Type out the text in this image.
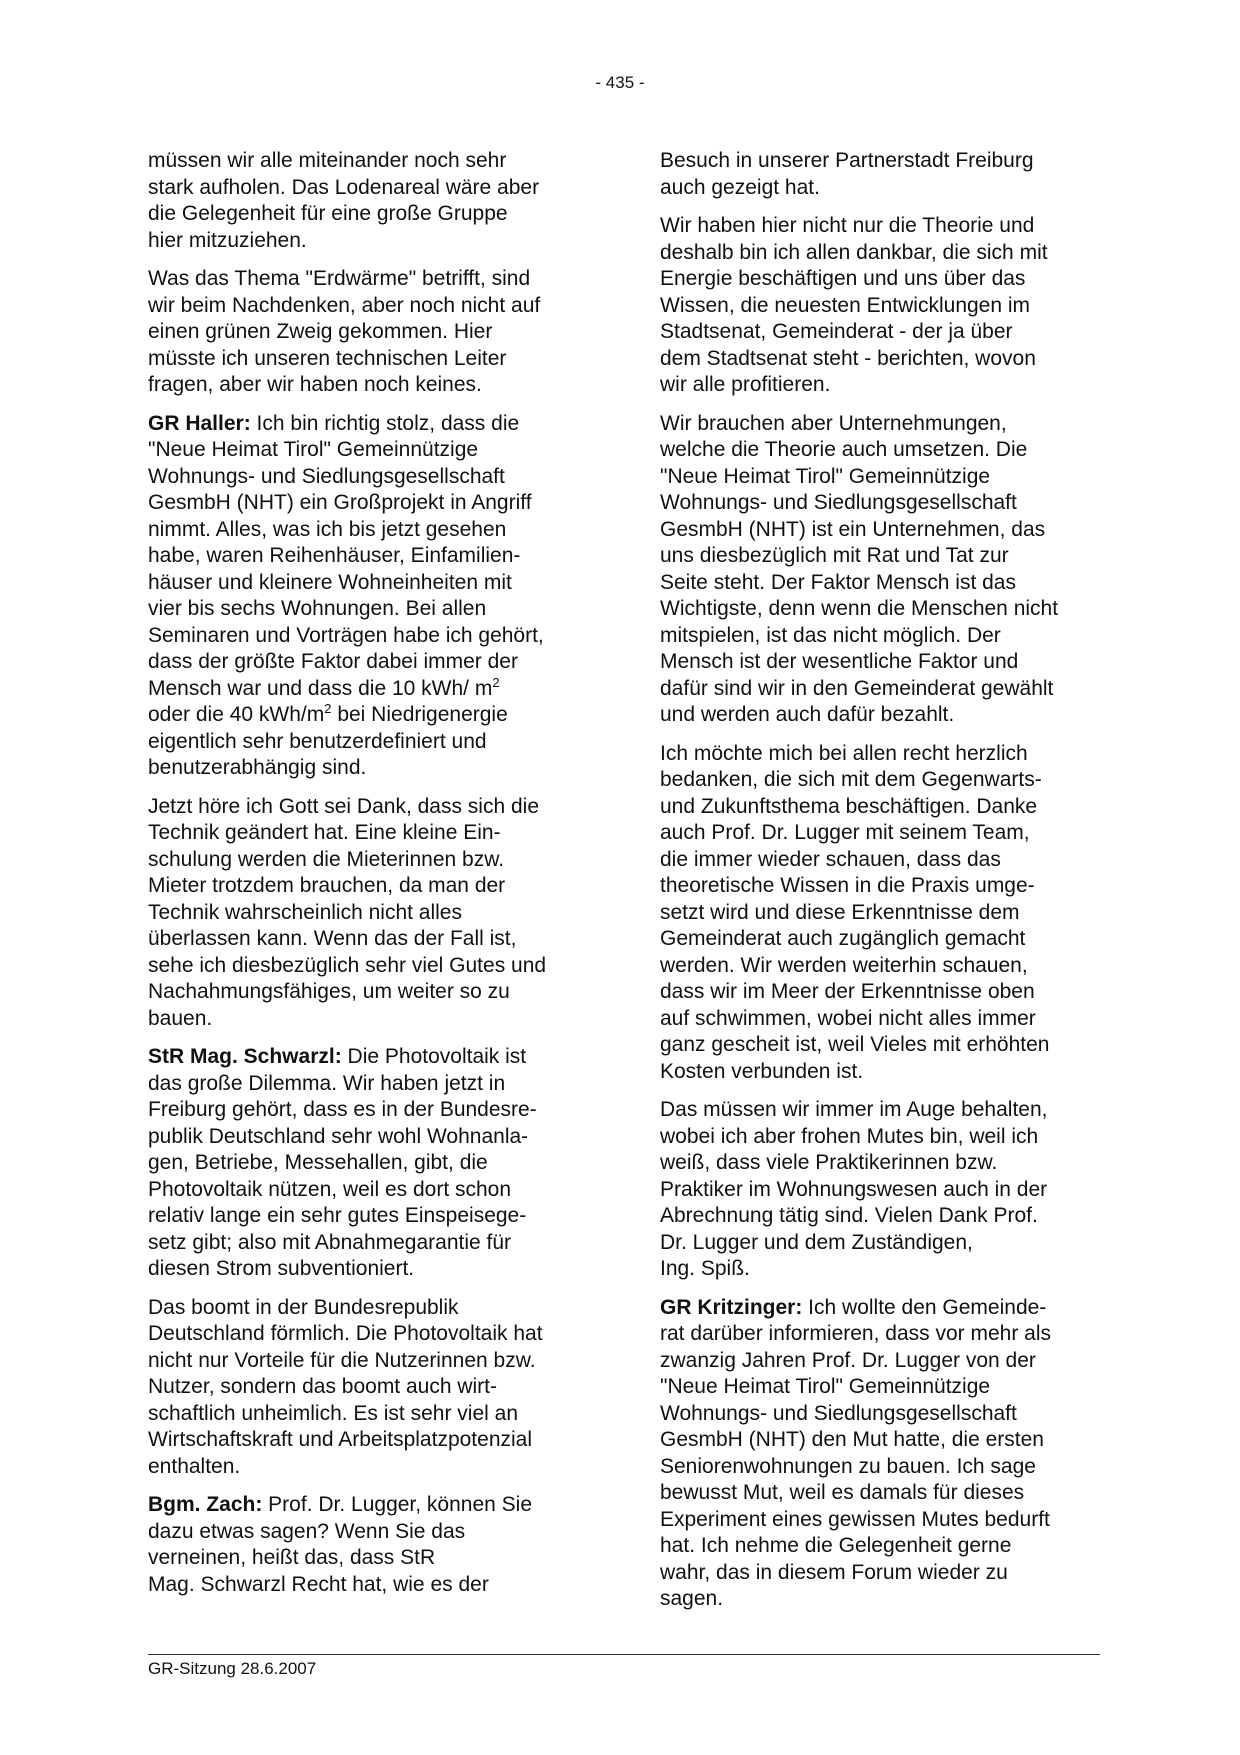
- 435 -

müssen wir alle miteinander noch sehr
stark aufholen. Das Lodenareal wäre aber
die Gelegenheit für eine große Gruppe
hier mitzuziehen.

Was das Thema "Erdwärme" betrifft, sind
wir beim Nachdenken, aber noch nicht auf
einen grünen Zweig gekommen. Hier
müsste ich unseren technischen Leiter
fragen, aber wir haben noch keines.

GR Haller: Ich bin richtig stolz, dass die
"Neue Heimat Tirol" Gemeinnützige
Wohnungs- und Siedlungsgesellschaft
GesmbH (NHT) ein Großprojekt in Angriff
nimmt. Alles, was ich bis jetzt gesehen
habe, waren Reihenhäuser, Einfamilien-
häuser und kleinere Wohneinheiten mit
vier bis sechs Wohnungen. Bei allen
Seminaren und Vorträgen habe ich gehört,
dass der größte Faktor dabei immer der
Mensch war und dass die 10 kWh/ $m^2$
oder die 40 kWh/$m^2$ bei Niedrigenergie
eigentlich sehr benutzerdefiniert und
benutzerabhängig sind.

Jetzt höre ich Gott sei Dank, dass sich die
Technik geändert hat. Eine kleine Ein-
schulung werden die Mieterinnen bzw.
Mieter trotzdem brauchen, da man der
Technik wahrscheinlich nicht alles
überlassen kann. Wenn das der Fall ist,
sehe ich diesbezüglich sehr viel Gutes und
Nachahmungsfähiges, um weiter so zu
bauen.

StR Mag. Schwarzl: Die Photovoltaik ist
das große Dilemma. Wir haben jetzt in
Freiburg gehört, dass es in der Bundesre-
publik Deutschland sehr wohl Wohnanla-
gen, Betriebe, Messehallen, gibt, die
Photovoltaik nützen, weil es dort schon
relativ lange ein sehr gutes Einspeisege-
setz gibt; also mit Abnahmegarantie für
diesen Strom subventioniert.

Das boomt in der Bundesrepublik
Deutschland förmlich. Die Photovoltaik hat
nicht nur Vorteile für die Nutzerinnen bzw.
Nutzer, sondern das boomt auch wirt-
schaftlich unheimlich. Es ist sehr viel an
Wirtschaftskraft und Arbeitsplatzpotenzial
enthalten.

Bgm. Zach: Prof. Dr. Lugger, können Sie
dazu etwas sagen? Wenn Sie das
verneinen, heißt das, dass StR
Mag. Schwarzl Recht hat, wie es der

Besuch in unserer Partnerstadt Freiburg
auch gezeigt hat.

Wir haben hier nicht nur die Theorie und
deshalb bin ich allen dankbar, die sich mit
Energie beschäftigen und uns über das
Wissen, die neuesten Entwicklungen im
Stadtsenat, Gemeinderat - der ja über
dem Stadtsenat steht - berichten, wovon
wir alle profitieren.

Wir brauchen aber Unternehmungen,
welche die Theorie auch umsetzen. Die
"Neue Heimat Tirol" Gemeinnützige
Wohnungs- und Siedlungsgesellschaft
GesmbH (NHT) ist ein Unternehmen, das
uns diesbezüglich mit Rat und Tat zur
Seite steht. Der Faktor Mensch ist das
Wichtigste, denn wenn die Menschen nicht
mitspielen, ist das nicht möglich. Der
Mensch ist der wesentliche Faktor und
dafür sind wir in den Gemeinderat gewählt
und werden auch dafür bezahlt.

Ich möchte mich bei allen recht herzlich
bedanken, die sich mit dem Gegenwarts-
und Zukunftsthema beschäftigen. Danke
auch Prof. Dr. Lugger mit seinem Team,
die immer wieder schauen, dass das
theoretische Wissen in die Praxis umge-
setzt wird und diese Erkenntnisse dem
Gemeinderat auch zugänglich gemacht
werden. Wir werden weiterhin schauen,
dass wir im Meer der Erkenntnisse oben
auf schwimmen, wobei nicht alles immer
ganz gescheit ist, weil Vieles mit erhöhten
Kosten verbunden ist.

Das müssen wir immer im Auge behalten,
wobei ich aber frohen Mutes bin, weil ich
weiß, dass viele Praktikerinnen bzw.
Praktiker im Wohnungswesen auch in der
Abrechnung tätig sind. Vielen Dank Prof.
Dr. Lugger und dem Zuständigen,
Ing. Spiß.

GR Kritzinger: Ich wollte den Gemeinde-
rat darüber informieren, dass vor mehr als
zwanzig Jahren Prof. Dr. Lugger von der
"Neue Heimat Tirol" Gemeinnützige
Wohnungs- und Siedlungsgesellschaft
GesmbH (NHT) den Mut hatte, die ersten
Seniorenwohnungen zu bauen. Ich sage
bewusst Mut, weil es damals für dieses
Experiment eines gewissen Mutes bedurft
hat. Ich nehme die Gelegenheit gerne
wahr, das in diesem Forum wieder zu
sagen.

GR-Sitzung 28.6.2007
